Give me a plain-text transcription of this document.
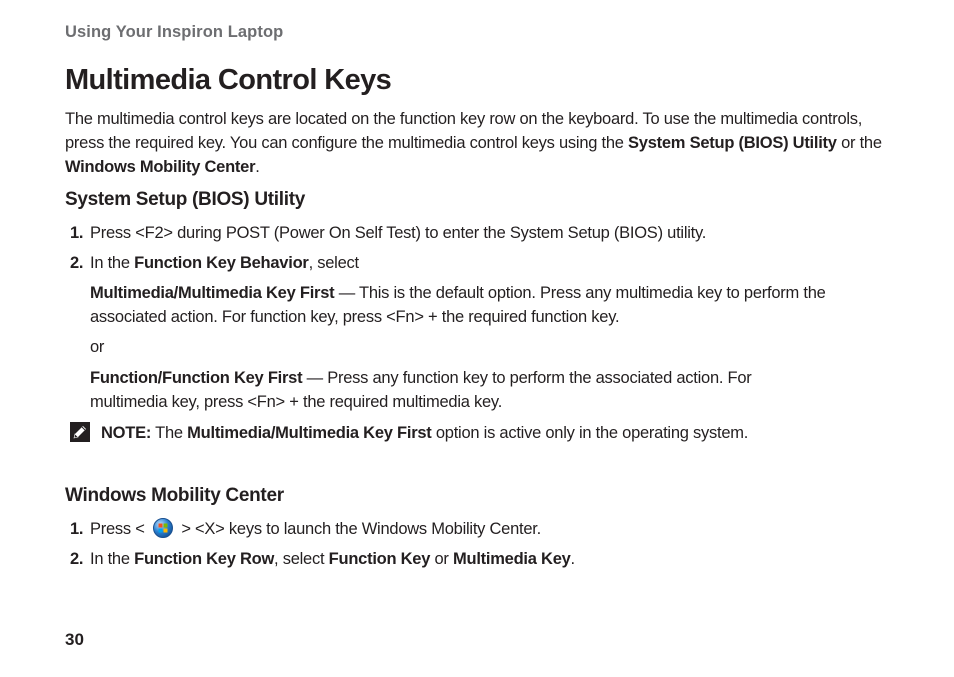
Using Your Inspiron Laptop
Multimedia Control Keys

The multimedia control keys are located on the function key row on the keyboard. To use the multimedia controls, press the required key. You can configure the multimedia control keys using the System Setup (BIOS) Utility or the Windows Mobility Center.

System Setup (BIOS) Utility
1. Press <F2> during POST (Power On Self Test) to enter the System Setup (BIOS) utility.
2. In the Function Key Behavior, select

Multimedia/Multimedia Key First — This is the default option. Press any multimedia key to perform the associated action. For function key, press <Fn> + the required function key.

or

Function/Function Key First — Press any function key to perform the associated action. For multimedia key, press <Fn> + the required multimedia key.

NOTE: The Multimedia/Multimedia Key First option is active only in the operating system.
Windows Mobility Center
1. Press <
> <X> keys to launch the Windows Mobility Center.
2. In the Function Key Row, select Function Key or Multimedia Key.
30
